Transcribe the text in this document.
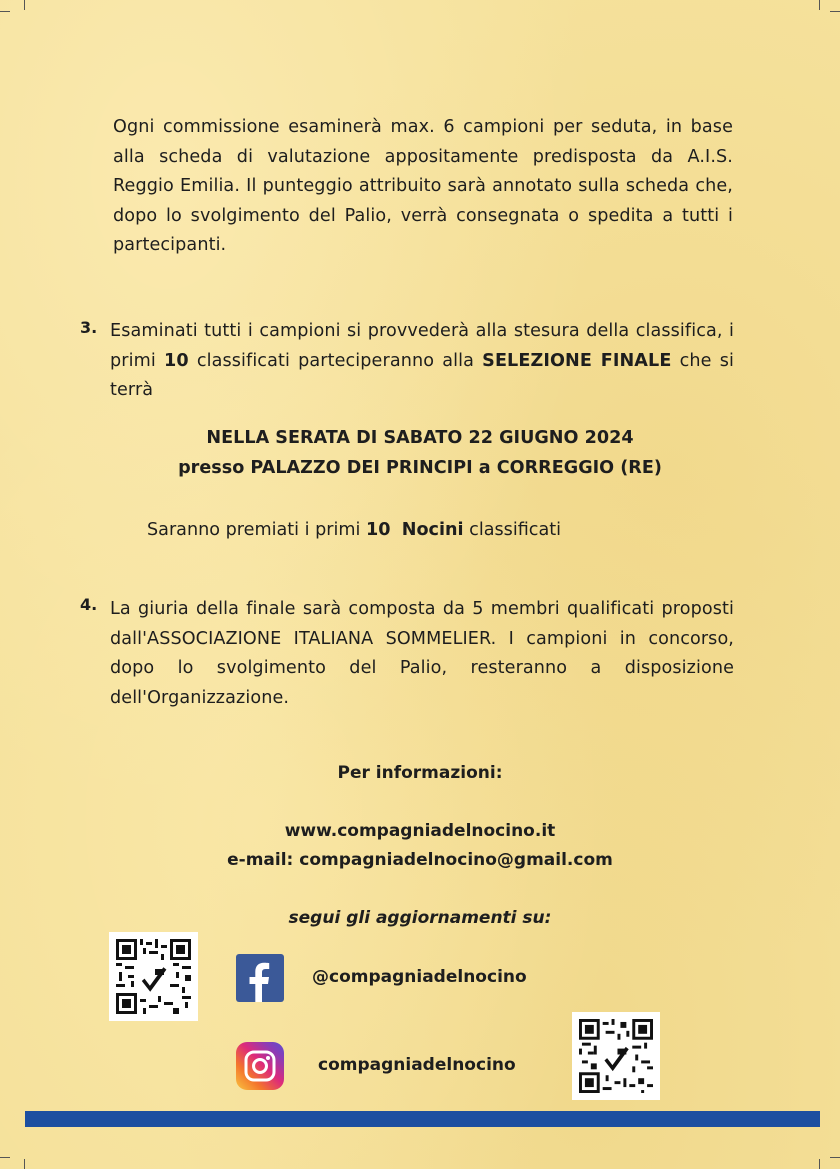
Ogni commissione esaminerà max. 6 campioni per seduta, in base alla scheda di valutazione appositamente predisposta da A.I.S. Reggio Emilia. Il punteggio attribuito sarà annotato sulla scheda che, dopo lo svolgimento del Palio, verrà consegnata o spedita a tutti i partecipanti.

3. Esaminati tutti i campioni si provvederà alla stesura della classifica, i primi 10 classificati parteciperanno alla SELEZIONE FINALE che si terrà

NELLA SERATA DI SABATO 22 GIUGNO 2024
presso PALAZZO DEI PRINCIPI a CORREGGIO (RE)
Saranno premiati i primi 10 Nocini classificati
4. La giuria della finale sarà composta da 5 membri qualificati proposti dall'ASSOCIAZIONE ITALIANA SOMMELIER. I campioni in concorso, dopo lo svolgimento del Palio, resteranno a disposizione dell'Organizzazione.

Per informazioni:
www.compagniadelnocino.it
e-mail: compagniadelnocino@gmail.com
segui gli aggiornamenti su:
@compagniadelnocino
compagniadelnocino
